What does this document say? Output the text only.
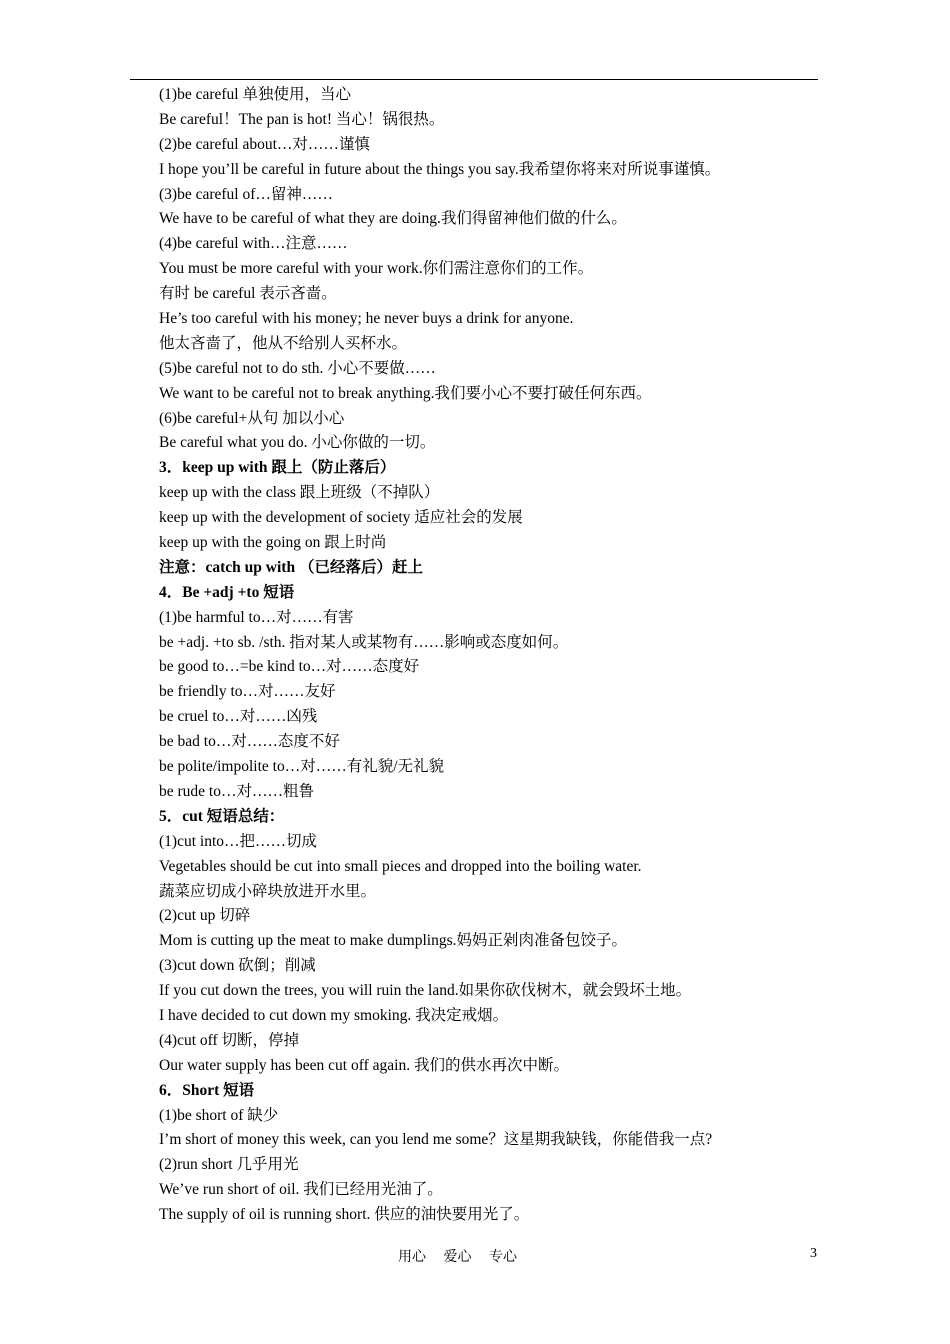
(1)be careful 单独使用，当心
Be careful！The pan is hot! 当心！锅很热。
(2)be careful about…对……谨慎
I hope you’ll be careful in future about the things you say.我希望你将来对所说事谨慎。
(3)be careful of…留神……
We have to be careful of what they are doing.我们得留神他们做的什么。
(4)be careful with…注意……
You must be more careful with your work.你们需注意你们的工作。
有时 be careful 表示吝啬。
He’s too careful with his money; he never buys a drink for anyone.
他太吝啬了，他从不给别人买杯水。
(5)be careful not to do sth. 小心不要做……
We want to be careful not to break anything.我们要小心不要打破任何东西。
(6)be careful+从句 加以小心
Be careful what you do. 小心你做的一切。
3．keep up with 跟上（防止落后）
keep up with the class 跟上班级（不掉队）
keep up with the development of society 适应社会的发展
keep up with the going on 跟上时尚
注意：catch up with （已经落后）赶上
4．Be +adj +to 短语
(1)be harmful to…对……有害
be +adj. +to sb. /sth. 指对某人或某物有……影响或态度如何。
be good to…=be kind to…对……态度好
be friendly to…对……友好
be cruel to…对……凶残
be bad to…对……态度不好
be polite/impolite to…对……有礼貌/无礼貌
be rude to…对……粗鲁
5．cut 短语总结：
(1)cut into…把……切成
Vegetables should be cut into small pieces and dropped into the boiling water.
蔬菜应切成小碎块放进开水里。
(2)cut up 切碎
Mom is cutting up the meat to make dumplings.妈妈正剁肉准备包饺子。
(3)cut down 砍倒；削减
If you cut down the trees, you will ruin the land.如果你砍伐树木，就会毁坏土地。
I have decided to cut down my smoking. 我决定戒烟。
(4)cut off 切断，停掉
Our water supply has been cut off again. 我们的供水再次中断。
6．Short 短语
(1)be short of 缺少
I’m short of money this week, can you lend me some？这星期我缺钱，你能借我一点?
(2)run short 几乎用光
We’ve run short of oil. 我们已经用光油了。
The supply of oil is running short. 供应的油快要用光了。
用心 爱心 专心	3
